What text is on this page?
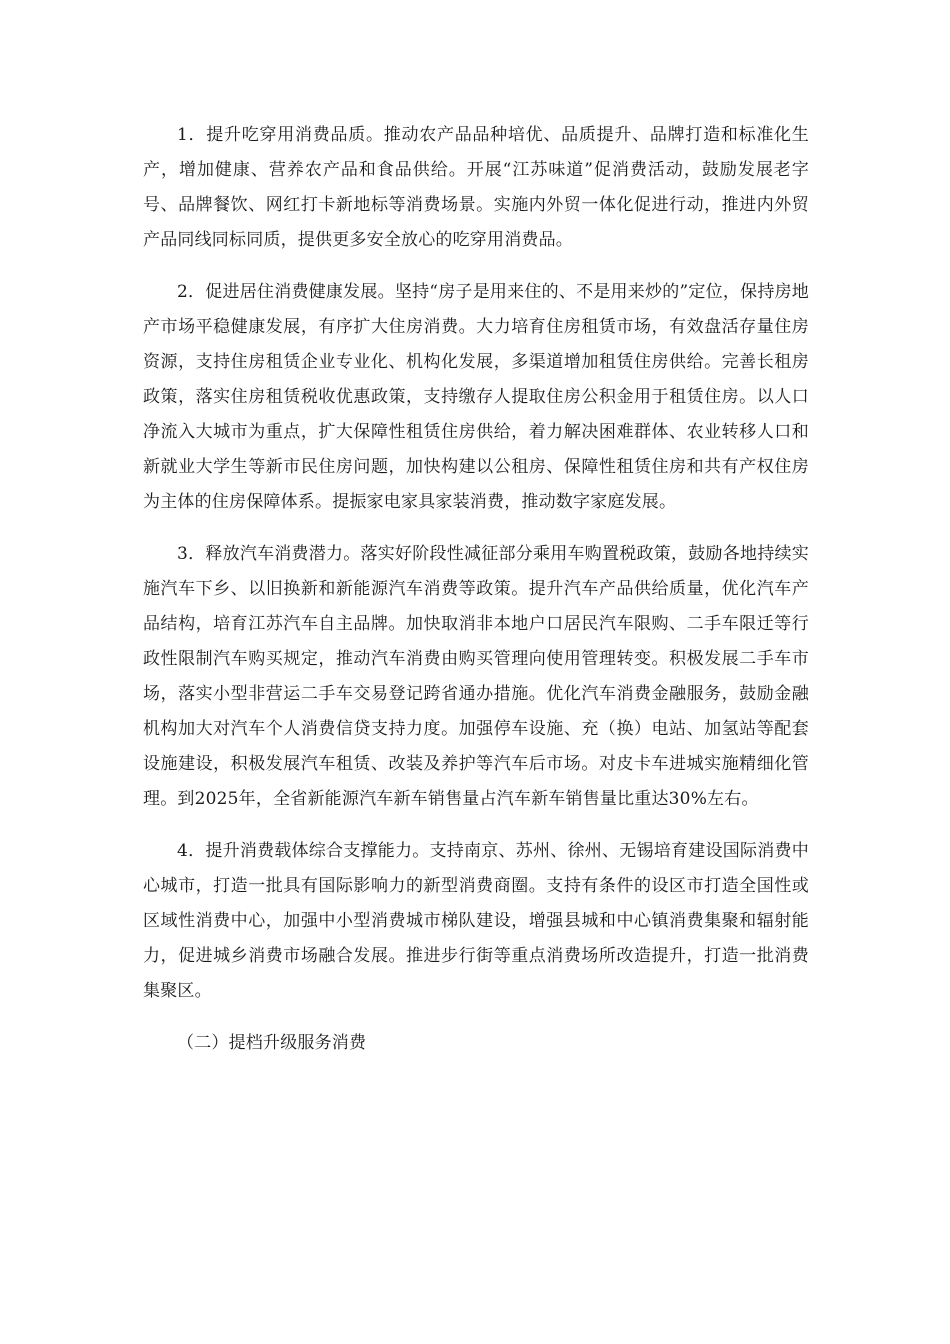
1．提升吃穿用消费品质。推动农产品品种培优、品质提升、品牌打造和标准化生产，增加健康、营养农产品和食品供给。开展“江苏味道”促消费活动，鼓励发展老字号、品牌餐饮、网红打卡新地标等消费场景。实施内外贸一体化促进行动，推进内外贸产品同线同标同质，提供更多安全放心的吃穿用消费品。

2．促进居住消费健康发展。坚持“房子是用来住的、不是用来炒的”定位，保持房地产市场平稳健康发展，有序扩大住房消费。大力培育住房租赁市场，有效盘活存量住房资源，支持住房租赁企业专业化、机构化发展，多渠道增加租赁住房供给。完善长租房政策，落实住房租赁税收优惠政策，支持缴存人提取住房公积金用于租赁住房。以人口净流入大城市为重点，扩大保障性租赁住房供给，着力解决困难群体、农业转移人口和新就业大学生等新市民住房问题，加快构建以公租房、保障性租赁住房和共有产权住房为主体的住房保障体系。提振家电家具家装消费，推动数字家庭发展。

3．释放汽车消费潜力。落实好阶段性减征部分乘用车购置税政策，鼓励各地持续实施汽车下乡、以旧换新和新能源汽车消费等政策。提升汽车产品供给质量，优化汽车产品结构，培育江苏汽车自主品牌。加快取消非本地户口居民汽车限购、二手车限迁等行政性限制汽车购买规定，推动汽车消费由购买管理向使用管理转变。积极发展二手车市场，落实小型非营运二手车交易登记跨省通办措施。优化汽车消费金融服务，鼓励金融机构加大对汽车个人消费信贷支持力度。加强停车设施、充（换）电站、加氢站等配套设施建设，积极发展汽车租赁、改装及养护等汽车后市场。对皮卡车进城实施精细化管理。到2025年，全省新能源汽车新车销售量占汽车新车销售量比重达30%左右。

4．提升消费载体综合支撑能力。支持南京、苏州、徐州、无锡培育建设国际消费中心城市，打造一批具有国际影响力的新型消费商圈。支持有条件的设区市打造全国性或区域性消费中心，加强中小型消费城市梯队建设，增强县城和中心镇消费集聚和辐射能力，促进城乡消费市场融合发展。推进步行街等重点消费场所改造提升，打造一批消费集聚区。

（二）提档升级服务消费
